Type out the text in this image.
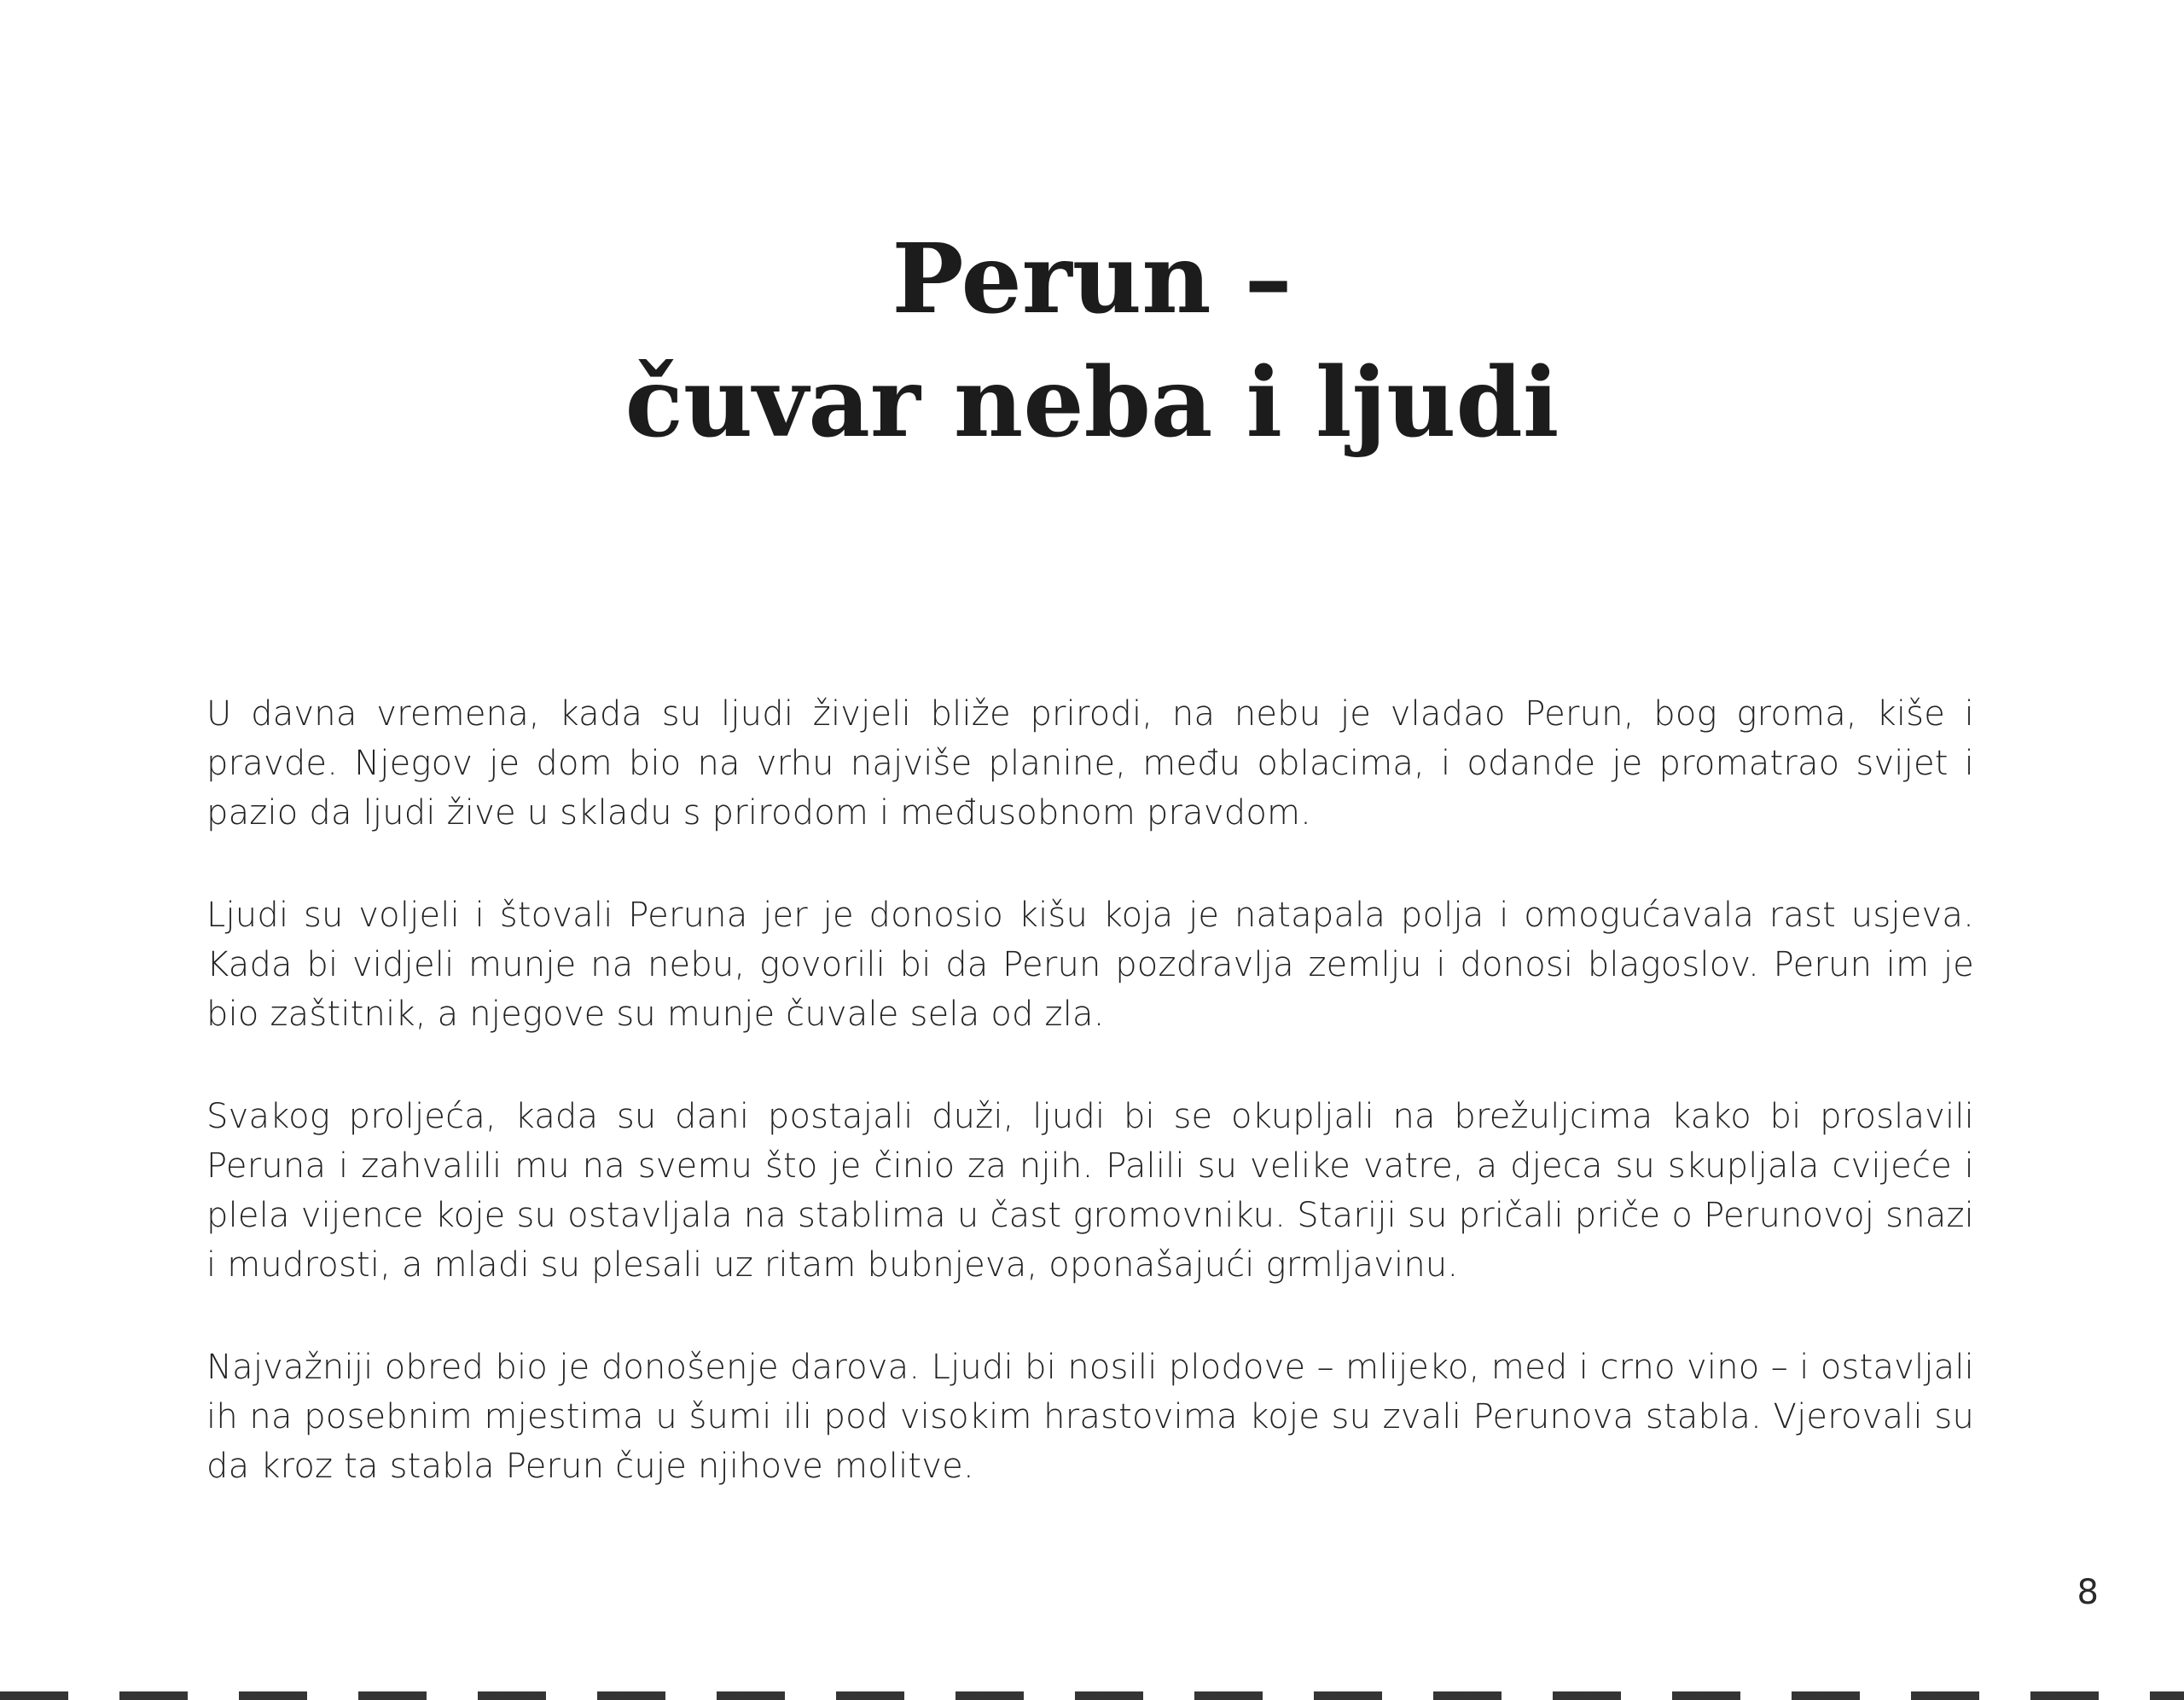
Perun –
čuvar neba i ljudi

U davna vremena, kada su ljudi živjeli bliže prirodi, na nebu je vladao Perun, bog groma, kiše i pravde. Njegov je dom bio na vrhu najviše planine, među oblacima, i odande je promatrao svijet i pazio da ljudi žive u skladu s prirodom i međusobnom pravdom.

Ljudi su voljeli i štovali Peruna jer je donosio kišu koja je natapala polja i omogućavala rast usjeva. Kada bi vidjeli munje na nebu, govorili bi da Perun pozdravlja zemlju i donosi blagoslov. Perun im je bio zaštitnik, a njegove su munje čuvale sela od zla.

Svakog proljeća, kada su dani postajali duži, ljudi bi se okupljali na brežuljcima kako bi proslavili Peruna i zahvalili mu na svemu što je činio za njih. Palili su velike vatre, a djeca su skupljala cvijeće i plela vijence koje su ostavljala na stablima u čast gromovniku. Stariji su pričali priče o Perunovoj snazi i mudrosti, a mladi su plesali uz ritam bubnjeva, oponašajući grmljavinu.

Najvažniji obred bio je donošenje darova. Ljudi bi nosili plodove – mlijeko, med i crno vino – i ostavljali ih na posebnim mjestima u šumi ili pod visokim hrastovima koje su zvali Perunova stabla. Vjerovali su da kroz ta stabla Perun čuje njihove molitve.

8
